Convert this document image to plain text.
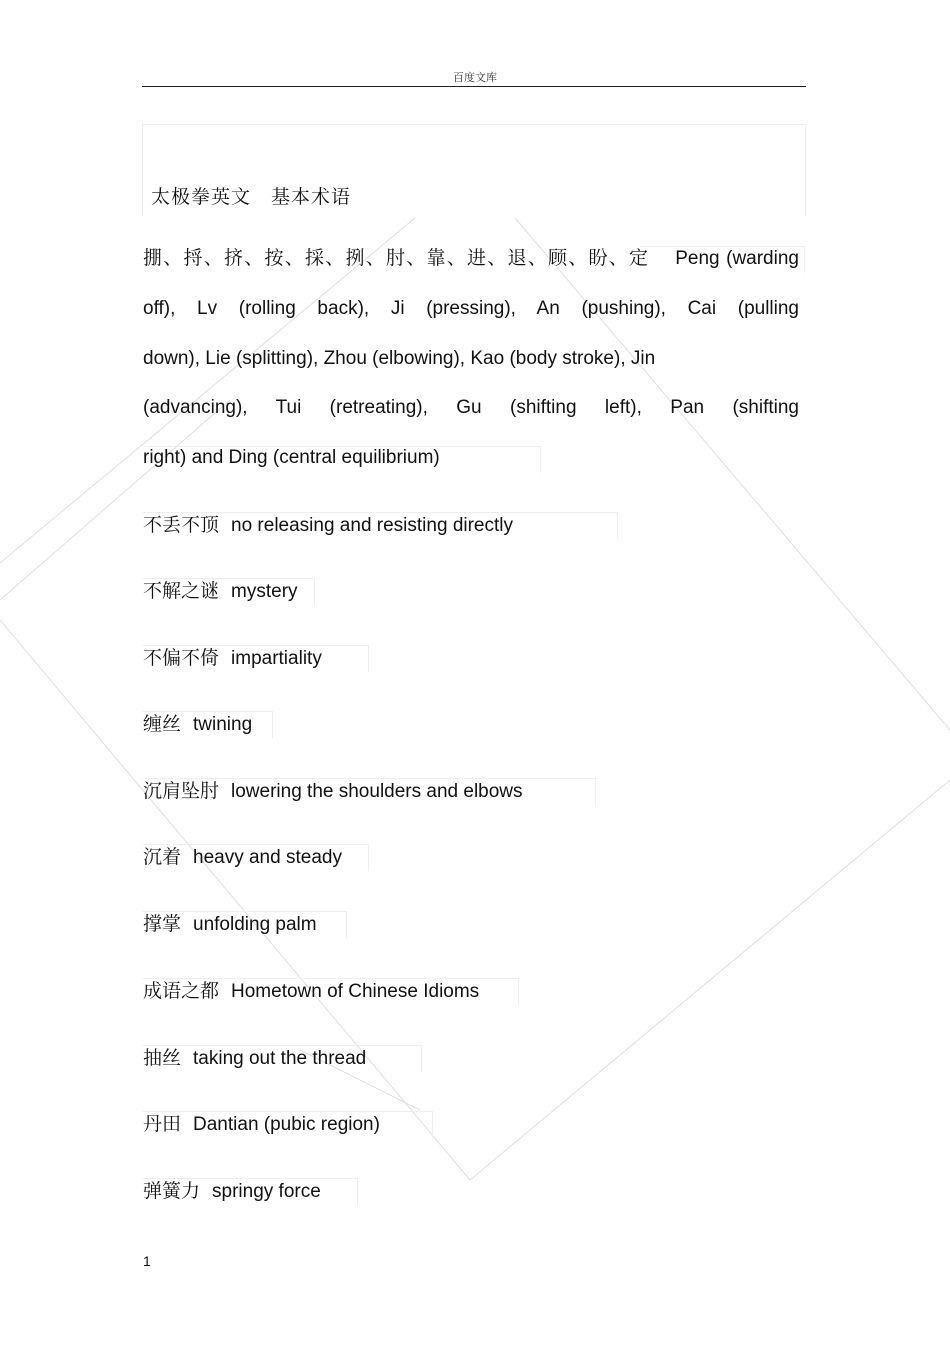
百度文库
太极拳英文　基本术语
掤、捋、挤、按、採、挒、肘、靠、进、退、顾、盼、定 Peng (warding
off), Lv (rolling back), Ji (pressing), An (pushing), Cai (pulling
down), Lie (splitting), Zhou (elbowing), Kao (body stroke), Jin
(advancing), Tui (retreating), Gu (shifting left), Pan (shifting
right) and Ding (central equilibrium)
不丢不顶 no releasing and resisting directly
不解之谜 mystery
不偏不倚 impartiality
缠丝 twining
沉肩坠肘 lowering the shoulders and elbows
沉着 heavy and steady
撑掌 unfolding palm
成语之都 Hometown of Chinese Idioms
抽丝 taking out the thread
丹田 Dantian (pubic region)
弹簧力 springy force
1
